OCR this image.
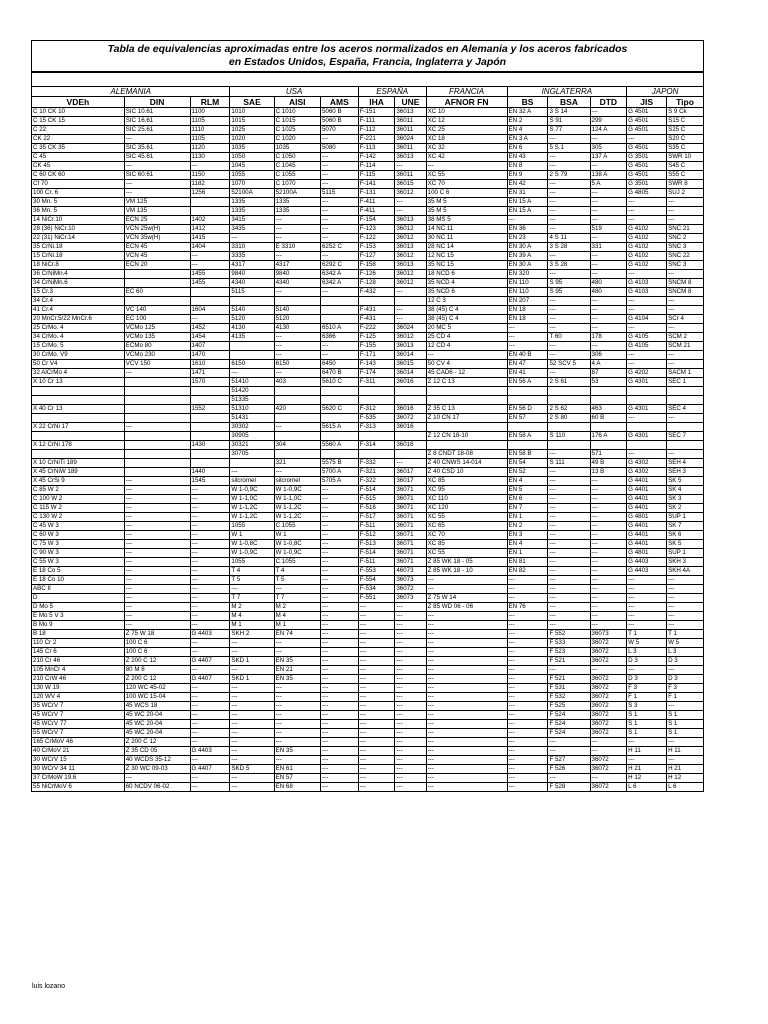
Tabla de equivalencias aproximadas entre los aceros normalizados en Alemania y los aceros fabricados
en Estados Unidos, España, Francia, Inglaterra y Japón

ALEMANIA			USA			ESPAÑA		FRANCIA	INGLATERRA			JAPON	
VDEh	DIN	RLM	SAE	AISI	AMS	IHA	UNE	AFNOR FN	BS	BSA	DTD	JIS	Tipo
C 10 CK 10	SIC 10.61	1100	1010	C 1010	5060 B	F-151	36013	XC 10	EN 32 A	3 S 14	---	G 4501	S 9 Ck
C 15 CK 15	SIC 16.61	1105	1015	C 1015	5060 B	F-111	36011	XC 12	EN 2	S 91	299	G 4501	S15 C
C 22	SIC 25.61	1110	1025	C 1025	5070	F-112	36011	XC 25	EN 4	S 77	124 A	G 4501	S25 C
CK 22	---	1105	1020	C 1020	---	F-221	36024	XC 18	EN 3 A	---	---	---	S20 C
C 35 CK 35	SIC 35.61	1120	1035	1035	5080	F-113	36011	XC 32	EN 6	5 S.1	305	G 4501	S35 C
C 45	SIC 45.61	1130	1050	C 1050	---	F-142	36013	XC 42	EN 43	---	137 A	G 3501	SWR 10
CK 45	---	---	1045	C 1045	---	F-114	---	---	EN 8	---	---	G 4501	S45 C
C 60 CK 60	SIC 60.61	1150	1055	C 1055	---	F-115	36011	XC 55	EN 9	2 S 79	138 A	G 4501	S55 C
Cf 70	---	1182	1070	C 1070	---	F-141	36015	XC 70	EN 42	---	5 A	G 3501	SWR 8
100 Cr. 6	---	1256	52100A	52100A	5115	F-131	36012	100 C 6	EN 31	---	---	G 4805	SUJ 2
30 Mn. 5	VM 125		1335	1335	---	F-411	---	35 M 5	EN 15 A	---	---	---	---
36 Mn. 5	VM 135		1335	1335	---	F-411	---	35 M 5	EN 15 A	---	---	---	---
14 NiCr.10	ECN 25	1402	3415	---	---	F-154	36013	38 MS 5	---	---	---	---	---
28 (36) NiCr.10	VCN 25w(H)	1412	3435	---	---	F-123	36012	14 NC 11	EN 36	---	519	G 4102	SNC 21
22 (31) NiCr.14	VCN 35w(H)	1415	---	---	---	F-122	36012	30 NC 11	EN 23	4 S 11	---	G 4102	SNC 2
35 CrNi.18	ECN 45	1404	3310	E 3310	6252 C	F-153	36013	28 NC 14	EN 30 A	3 S 28	331	G 4102	SNC 3
15 CrNi.18	VCN 45	---	3335	---	---	F-127	36012	12 NC 15	EN 39 A	---	---	G 4102	SNC 22
18 NiCr.8	ECN 20	---	4317	4317	6292 C	F-158	36013	35 NC 15	EN 30 A	3 S 28	---	G 4102	SNC 3
36 CrNiMn.4		1455	9840	9840	6342 A	F-126	36012	18 NCD 6	EN 320	---	---	---	---
34 CrNiMn.6		1455	4340	4340	6342 A	F-128	36012	35 NCD 4	EN 110	S 95	480	G 4103	SNCM 8
15 Cr.3	EC 60		5115	---	---	F-432	---	35 NCD 6	EN 110	S 95	480	G 4103	SNCM 8
34 Cr.4								12 C 3	EN 207	---	---	---	---
41 Cr.4	VC 140	1604	5140	5140		F-431	---	38 (45) C 4	EN 18	---	---	---	---
20 MnCr.5/22 MnCr.6	EC 100	---	5120	5120		F-431	---	38 (45) C 4	EN 18	---	---	G 4104	SCr 4
25 CrMo. 4	VCMo 125	1452	4130	4130	6510 A	F-222	36024	20 MC 5	---	---	---	---	---
34 CrMo. 4	VCMo 135	1454	4135	---	6366	F-125	36012	25 CD 4	---	T 60	178	G 4105	SCM 2
15 CrMo. 5	ECMo 80	1407		---	---	F-155	36013	12 CD 4	---	---	---	G 4105	SCM 21
30 CrMo. V9	VCMo 230	1470		---	---	F-171	36014	---	EN 40 B	---	306	---	---
50 Cr V4	VCV 150	1610	6150	6150	6450	F-143	36015	50 CV 4	EN 47	52 SCV 5	4 A	---	---
32 AlCrMo 4	---	1471	---	---	6470 B	F-174	36014	45 CAD6 - 12	EN 41	---	87	G 4202	SACM 1
X 10 Cr 13		1570	51410	403	5610 C	F-311	36016	Z 12 C 13	EN 56 A	2 S 61	53	G 4301	SEC 1
			51420										
			51335										
X 40 Cr 13		1552	51310	420	5620 C	F-312	36016	Z 35 C 13	EN 56 D	2 S 62	463	G 4301	SEC 4
			51431			F-535	36072	Z 10 CN 17	EN 57	2 S 80	60 B	---	---
X 22 CrNi 17	---		30302	---	5615 A	F-313	36016						
			30905					Z 12 CN 18-10	EN 58 A	S 110	176 A	G 4301	SEC 7
X 12 CrNi 178		1430	30321	304	5560 A	F-314	36016						
			30705					Z 8 CNDT 18-08	EN 58 B	---	571	---	---
X 10 CrNiTi 189				321	5575 B	F-332	---	Z 40 CNWS 14-014	EN 54	S 111	49 B	G 4302	SEH 4
X 45 CrNiW 189		1440	---	---	5700 A	F-321	36017	Z 40 CSD 10	EN 52	---	13 B	G 4302	SEH 3
X 45 CrSi 9	---	1545	silcromel	silcromel	5705 A	F-322	36017	XC 85	EN 4	---	---	G 4401	SK 5
C 85 W 2	---	---	W 1-0,9C	W 1-0,9C	---	F-514	36071	XC 95	EN 5	---	---	G 4401	SK 4
C 100 W 2	---	---	W 1-1,0C	W 1-1,0C	---	F-515	36071	XC 110	EN 6	---	---	G 4401	SK 3
C 115 W 2	---	---	W 1-1,2C	W 1-1,2C	---	F-516	36071	XC 120	EN 7	---	---	G 4401	SK 2
C 130 W 2	---	---	W 1-1,2C	W 1-1,2C	---	F-517	36071	XC 55	EN 1	---	---	G 4801	SUP 1
C 45 W 3	---	---	1055	C 1055	---	F-511	36071	XC 65	EN 2	---	---	G 4401	SK 7
C 60 W 3	---	---	W 1	W 1	---	F-512	36071	XC 70	EN 3	---	---	G 4401	SK 6
C 75 W 3	---	---	W 1-0,8C	W 1-0,8C	---	F-513	36071	XC 85	EN 4	---	---	G 4401	SK 5
C 90 W 3	---	---	W 1-0,9C	W 1-0,9C	---	F-514	36071	XC 55	EN 1	---	---	G 4801	SUP 1
C 55 W 3	---	---	1055	C 1055	---	F-511	36071	Z 85 WK 18 - 05	EN 81	---	---	G 4403	SKH 3
E 18 Co 5	---	---	T 4	T 4	---	F-553	46073	Z 85 WK 18 - 10	EN 82	---	---	G 4403	SKH 4A
E 18 Co 10	---	---	T 5	T 5	---	F-554	36073	---	---	---	---	---	---
ABC II	---	---	---	---	---	F-534	36072	---	---	---	---	---	---
D	---	---	T 7	T 7	---	F-551	36073	Z 75 W 14	---	---	---	---	---
D Mo 5	---	---	M 2	M 2	---	---	---	Z 85 WD 06 - 06	EN 76	---	---	---	---
E Mo 5 V 3	---	---	M 4	M 4	---	---	---	---	---	---	---	---	---
B Mo 9	---	---	M 1	M 1	---	---	---	---	---	---	---	---	---
B 18	Z 75 W 18	G 4403	SKH 2	EN 74	---	---	---	---	---	F 552	36073	T 1	T 1
110 Cr 2	100 C 6	---	---	---	---	---	---	---	---	F 533	36072	W 5	W 5
145 Cr 6	100 C 6	---	---	---	---	---	---	---	---	F 523	36072	L 3	L 3
210 Cr 46	Z 200 C 12	G 4407	SKD 1	EN 35	---	---	---	---	---	F 521	36072	D 3	D 3
105 MnCr 4	80 M 8	---	---	EN 21	---	---	---	---	---	---	---	---	---
210 CrW 46	Z 200 C 12	G 4407	SKD 1	EN 35	---	---	---	---	---	F 521	36072	D 3	D 3
130 W 19	120 WC 45-02	---	---	---	---	---	---	---	---	F 531	36072	F 3	F 3
120 WV 4	100 WC 15-04	---	---	---	---	---	---	---	---	F 532	36072	F 1	F 1
35 WCrV 7	45 WCS 18	---	---	---	---	---	---	---	---	F 525	36072	S 3	---
45 WCrV 7	45 WC 20-04	---	---	---	---	---	---	---	---	F 524	36072	S 1	S 1
45 WCrV 77	45 WC 20-04	---	---	---	---	---	---	---	---	F 524	36072	S 1	S 1
55 WCrV 7	45 WC 20-04	---	---	---	---	---	---	---	---	F 524	36072	S 1	S 1
165 CrMoV 46	Z 200 C 12	---	---	---	---	---	---	---	---	---	---	---	---
40 CrMoV 21	Z 35 CD 05	G 4403	---	EN 35	---	---	---	---	---	---	---	H 11	H 11
30 WCrV 15	40 WCDS 35-12	---	---	---	---	---	---	---	---	F 527	36072	---	---
30 WCrV 34 11	Z 30 WC 09-03	G 4407	SKD 5	EN 61	---	---	---	---	---	F 526	36072	H 21	H 21
37 CrMoW 19.6	---	---	---	EN 57	---	---	---	---	---	---	---	H 12	H 12
55 NiCrMoV 6	60 NCDV 06-02	---	---	EN 68	---	---	---	---	---	F 528	36072	L 6	L 6
luis lozano
